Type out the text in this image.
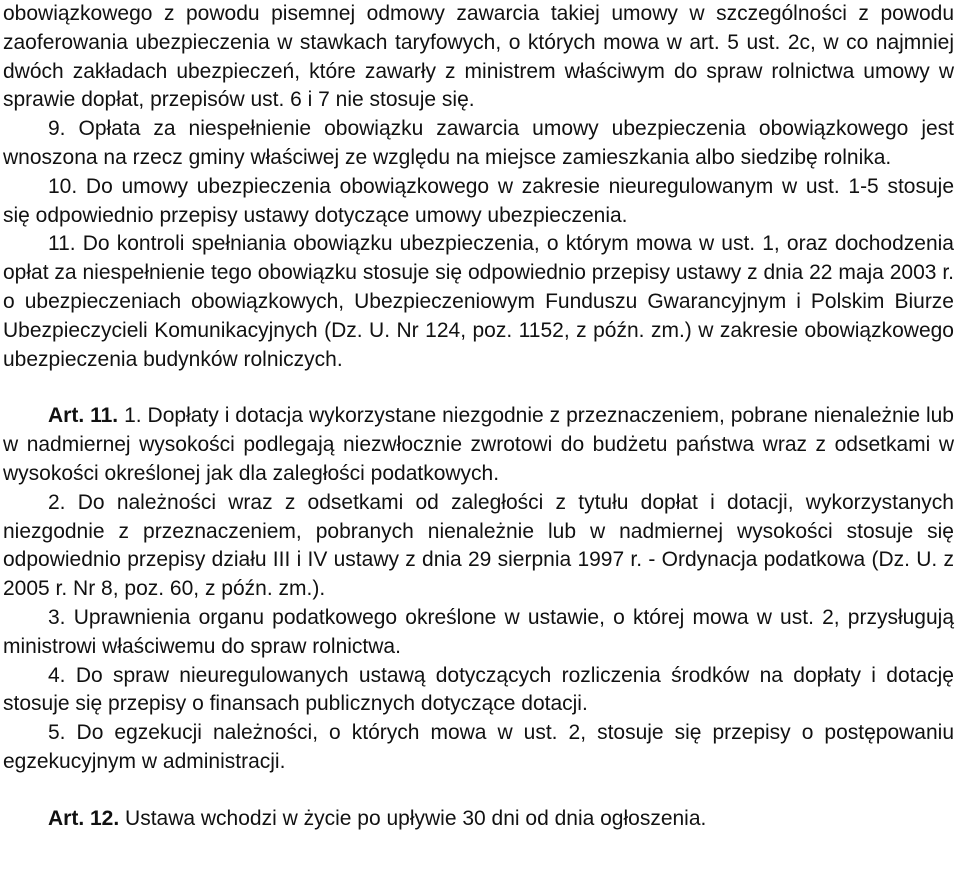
obowiązkowego z powodu pisemnej odmowy zawarcia takiej umowy w szczególności z powodu zaoferowania ubezpieczenia w stawkach taryfowych, o których mowa w art. 5 ust. 2c, w co najmniej dwóch zakładach ubezpieczeń, które zawarły z ministrem właściwym do spraw rolnictwa umowy w sprawie dopłat, przepisów ust. 6 i 7 nie stosuje się.

9. Opłata za niespełnienie obowiązku zawarcia umowy ubezpieczenia obowiązkowego jest wnoszona na rzecz gminy właściwej ze względu na miejsce zamieszkania albo siedzibę rolnika.

10. Do umowy ubezpieczenia obowiązkowego w zakresie nieuregulowanym w ust. 1-5 stosuje się odpowiednio przepisy ustawy dotyczące umowy ubezpieczenia.

11. Do kontroli spełniania obowiązku ubezpieczenia, o którym mowa w ust. 1, oraz dochodzenia opłat za niespełnienie tego obowiązku stosuje się odpowiednio przepisy ustawy z dnia 22 maja 2003 r. o ubezpieczeniach obowiązkowych, Ubezpieczeniowym Funduszu Gwarancyjnym i Polskim Biurze Ubezpieczycieli Komunikacyjnych (Dz. U. Nr 124, poz. 1152, z późn. zm.) w zakresie obowiązkowego ubezpieczenia budynków rolniczych.

Art. 11. 1. Dopłaty i dotacja wykorzystane niezgodnie z przeznaczeniem, pobrane nienależnie lub w nadmiernej wysokości podlegają niezwłocznie zwrotowi do budżetu państwa wraz z odsetkami w wysokości określonej jak dla zaległości podatkowych.

2. Do należności wraz z odsetkami od zaległości z tytułu dopłat i dotacji, wykorzystanych niezgodnie z przeznaczeniem, pobranych nienależnie lub w nadmiernej wysokości stosuje się odpowiednio przepisy działu III i IV ustawy z dnia 29 sierpnia 1997 r. - Ordynacja podatkowa (Dz. U. z 2005 r. Nr 8, poz. 60, z późn. zm.).

3. Uprawnienia organu podatkowego określone w ustawie, o której mowa w ust. 2, przysługują ministrowi właściwemu do spraw rolnictwa.

4. Do spraw nieuregulowanych ustawą dotyczących rozliczenia środków na dopłaty i dotację stosuje się przepisy o finansach publicznych dotyczące dotacji.

5. Do egzekucji należności, o których mowa w ust. 2, stosuje się przepisy o postępowaniu egzekucyjnym w administracji.

Art. 12. Ustawa wchodzi w życie po upływie 30 dni od dnia ogłoszenia.
